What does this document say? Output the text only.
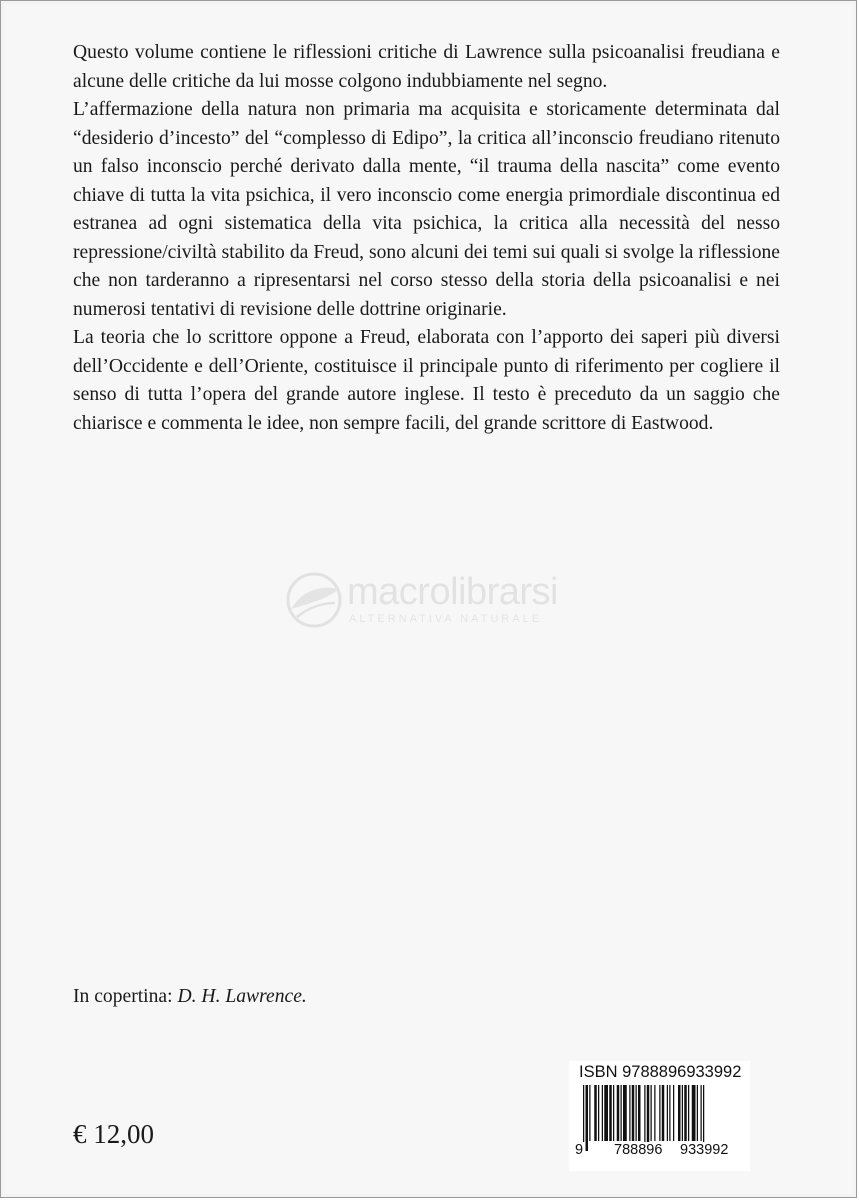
Questo volume contiene le riflessioni critiche di Lawrence sulla psicoanalisi freudiana e alcune delle critiche da lui mosse colgono indubbiamente nel segno.

L’affermazione della natura non primaria ma acquisita e storicamente determinata dal “desiderio d’incesto” del “complesso di Edipo”, la critica all’inconscio freudiano ritenuto un falso inconscio perché derivato dalla mente, “il trauma della nascita” come evento chiave di tutta la vita psichica, il vero inconscio come energia primordiale discontinua ed estranea ad ogni sistematica della vita psichica, la critica alla necessità del nesso repressione/civiltà stabilito da Freud, sono alcuni dei temi sui quali si svolge la riflessione che non tarderanno a ripresentarsi nel corso stesso della storia della psicoanalisi e nei numerosi tentativi di revisione delle dottrine originarie.

La teoria che lo scrittore oppone a Freud, elaborata con l’apporto dei saperi più diversi dell’Occidente e dell’Oriente, costituisce il principale punto di riferimento per cogliere il senso di tutta l’opera del grande autore inglese. Il testo è preceduto da un saggio che chiarisce e commenta le idee, non sempre facili, del grande scrittore di Eastwood.

macrolibrarsi
ALTERNATIVA NATURALE
In copertina: D. H. Lawrence.
€ 12,00
ISBN 9788896933992
9 788896 933992
